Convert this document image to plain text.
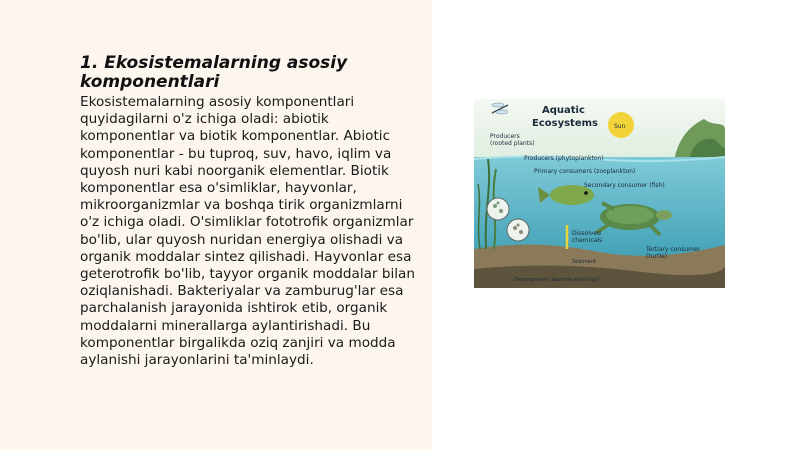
1. Ekosistemalarning asosiy komponentlari

Ekosistemalarning asosiy komponentlari quyidagilarni o'z ichiga oladi: abiotik komponentlar va biotik komponentlar. Abiotic komponentlar - bu tuproq, suv, havo, iqlim va quyosh nuri kabi noorganik elementlar. Biotik komponentlar esa o'simliklar, hayvonlar, mikroorganizmlar va boshqa tirik organizmlarni o'z ichiga oladi. O'simliklar fototrofik organizmlar bo'lib, ular quyosh nuridan energiya olishadi va organik moddalar sintez qilishadi. Hayvonlar esa geterotrofik bo'lib, tayyor organik moddalar bilan oziqlanishadi. Bakteriyalar va zamburug'lar esa parchalanish jarayonida ishtirok etib, organik moddalarni minerallarga aylantirishadi. Bu komponentlar birgalikda oziq zanjiri va modda aylanishi jarayonlarini ta'minlaydi.

Aquatic
Ecosystems	Sun
Producers
(rooted plants)
Producers (phytoplankton)
Primary consumers (zooplankton)
Secondary consumer (fish)
Dissolved
chemicals
Sediment
Tertiary consumer
(turtle)
Decomposers (bacteria and fungi)
